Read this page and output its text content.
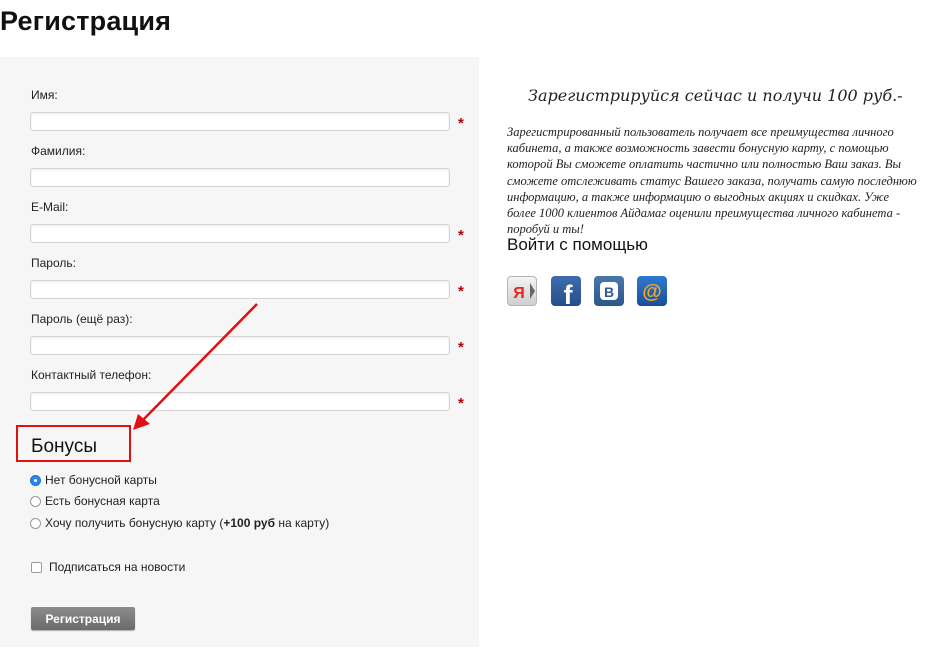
Регистрация
Имя:
*
Фамилия:
E-Mail:
*
Пароль:
*
Пароль (ещё раз):
*
Контактный телефон:
*
Бонусы
Нет бонусной карты
Есть бонусная карта
Хочу получить бонусную карту (+100 руб на карту)
Подписаться на новости
Регистрация
Зарегистрируйся сейчас и получи 100 руб.-

Зарегистрированный пользователь получает все преимущества личного кабинета, а также возможность завести бонусную карту, с помощью которой Вы сможете оплатить частично или полностью Ваш заказ. Вы сможете отслеживать статус Вашего заказа, получать самую последнюю информацию, а также информацию о выгодных акциях и скидках. Уже более 1000 клиентов Айдамаг оценили преимущества личного кабинета - поробуй и ты!

Войти с помощью
Я f B @
